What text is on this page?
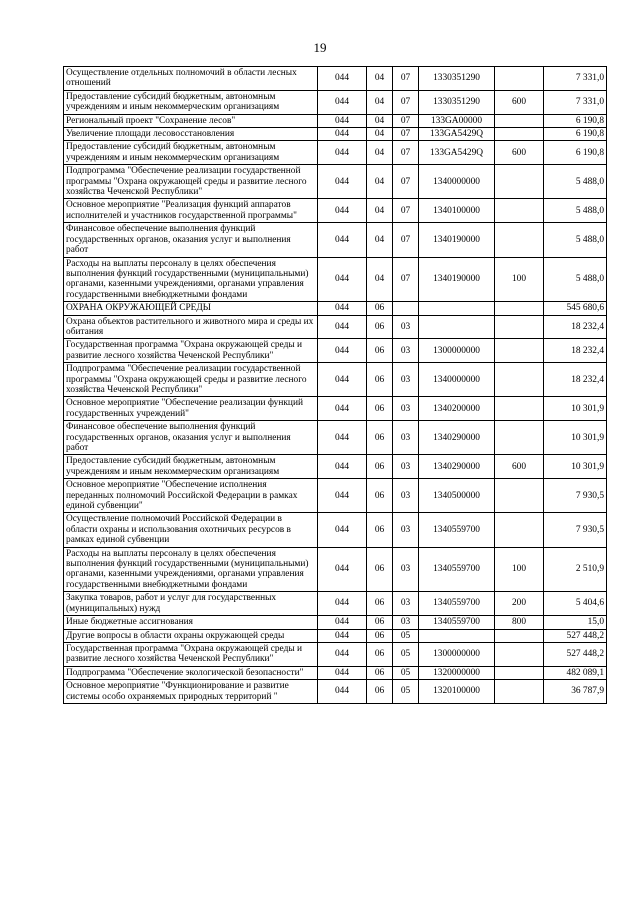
19
Осуществление отдельных полномочий в области лесных отношений	044	04	07	1330351290		7 331,0
Предоставление субсидий бюджетным, автономным учреждениям и иным некоммерческим организациям	044	04	07	1330351290	600	7 331,0
Региональный проект "Сохранение лесов"	044	04	07	133GA00000		6 190,8
Увеличение площади лесовосстановления	044	04	07	133GA5429Q		6 190,8
Предоставление субсидий бюджетным, автономным учреждениям и иным некоммерческим организациям	044	04	07	133GA5429Q	600	6 190,8
Подпрограмма "Обеспечение реализации государственной программы "Охрана окружающей среды и развитие лесного хозяйства Чеченской Республики"	044	04	07	1340000000		5 488,0
Основное мероприятие "Реализация функций аппаратов исполнителей и участников государственной программы"	044	04	07	1340100000		5 488,0
Финансовое обеспечение выполнения функций государственных органов, оказания услуг и выполнения работ	044	04	07	1340190000		5 488,0
Расходы на выплаты персоналу в целях обеспечения выполнения функций государственными (муниципальными) органами, казенными учреждениями, органами управления государственными внебюджетными фондами	044	04	07	1340190000	100	5 488,0
ОХРАНА ОКРУЖАЮЩЕЙ СРЕДЫ	044	06				545 680,6
Охрана объектов растительного и животного мира и среды их обитания	044	06	03			18 232,4
Государственная программа "Охрана окружающей среды и развитие лесного хозяйства Чеченской Республики"	044	06	03	1300000000		18 232,4
Подпрограмма "Обеспечение реализации государственной программы "Охрана окружающей среды и развитие лесного хозяйства Чеченской Республики"	044	06	03	1340000000		18 232,4
Основное мероприятие "Обеспечение реализации функций государственных учреждений"	044	06	03	1340200000		10 301,9
Финансовое обеспечение выполнения функций государственных органов, оказания услуг и выполнения работ	044	06	03	1340290000		10 301,9
Предоставление субсидий бюджетным, автономным учреждениям и иным некоммерческим организациям	044	06	03	1340290000	600	10 301,9
Основное мероприятие "Обеспечение исполнения переданных полномочий Российской Федерации в рамках единой субвенции"	044	06	03	1340500000		7 930,5
Осуществление полномочий Российской Федерации в области охраны и использования охотничьих ресурсов в рамках единой субвенции	044	06	03	1340559700		7 930,5
Расходы на выплаты персоналу в целях обеспечения выполнения функций государственными (муниципальными) органами, казенными учреждениями, органами управления государственными внебюджетными фондами	044	06	03	1340559700	100	2 510,9
Закупка товаров, работ и услуг для государственных (муниципальных) нужд	044	06	03	1340559700	200	5 404,6
Иные бюджетные ассигнования	044	06	03	1340559700	800	15,0
Другие вопросы в области охраны окружающей среды	044	06	05			527 448,2
Государственная программа "Охрана окружающей среды и развитие лесного хозяйства Чеченской Республики"	044	06	05	1300000000		527 448,2
Подпрограмма "Обеспечение экологической безопасности"	044	06	05	1320000000		482 089,1
Основное мероприятие "Функционирование и развитие системы особо охраняемых природных территорий "	044	06	05	1320100000		36 787,9
